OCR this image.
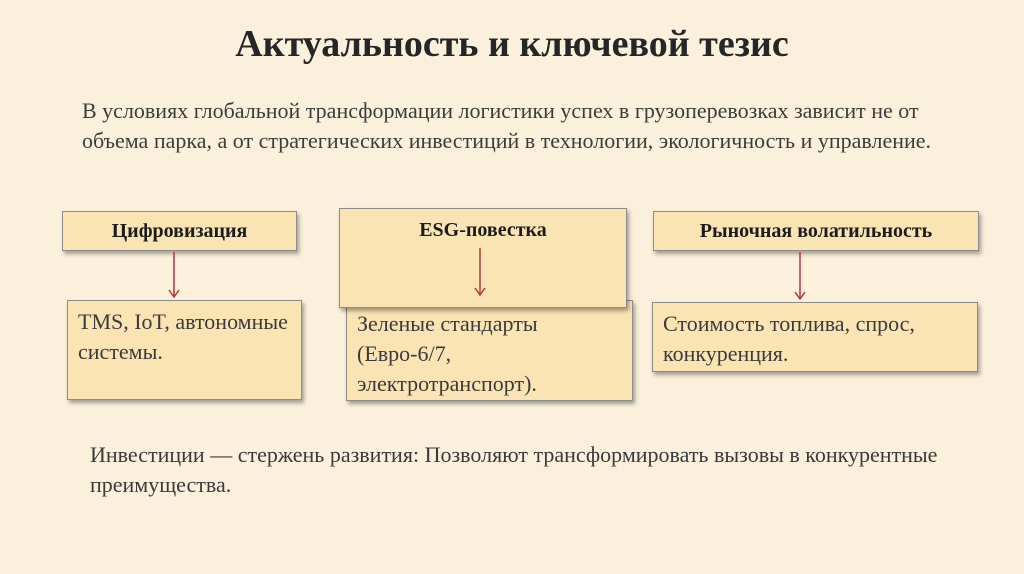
Актуальность и ключевой тезис

В условиях глобальной трансформации логистики успех в грузоперевозках зависит не от объема парка, а от стратегических инвестиций в технологии, экологичность и управление.

TMS, IoT, автономные системы.
Цифровизация
Зеленые стандарты (Евро-6/7, электротранспорт).
ESG-повестка
Стоимость топлива, спрос, конкуренция.
Рыночная волатильность

Инвестиции — стержень развития: Позволяют трансформировать вызовы в конкурентные преимущества.
